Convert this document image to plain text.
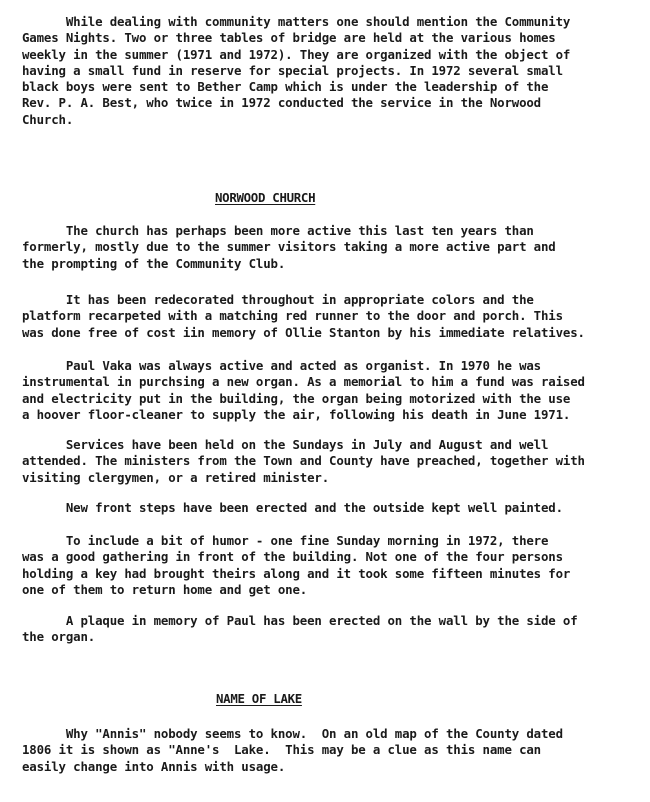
While dealing with community matters one should mention the Community
Games Nights. Two or three tables of bridge are held at the various homes
weekly in the summer (1971 and 1972). They are organized with the object of
having a small fund in reserve for special projects. In 1972 several small
black boys were sent to Bether Camp which is under the leadership of the
Rev. P. A. Best, who twice in 1972 conducted the service in the Norwood
Church.

NORWOOD CHURCH

The church has perhaps been more active this last ten years than
formerly, mostly due to the summer visitors taking a more active part and
the prompting of the Community Club.

It has been redecorated throughout in appropriate colors and the
platform recarpeted with a matching red runner to the door and porch. This
was done free of cost iin memory of Ollie Stanton by his immediate relatives.

Paul Vaka was always active and acted as organist. In 1970 he was
instrumental in purchsing a new organ. As a memorial to him a fund was raised
and electricity put in the building, the organ being motorized with the use
a hoover floor-cleaner to supply the air, following his death in June 1971.

Services have been held on the Sundays in July and August and well
attended. The ministers from the Town and County have preached, together with
visiting clergymen, or a retired minister.

New front steps have been erected and the outside kept well painted.

To include a bit of humor - one fine Sunday morning in 1972, there
was a good gathering in front of the building. Not one of the four persons
holding a key had brought theirs along and it took some fifteen minutes for
one of them to return home and get one.

A plaque in memory of Paul has been erected on the wall by the side of
the organ.

NAME OF LAKE

Why "Annis" nobody seems to know.  On an old map of the County dated
1806 it is shown as "Anne's  Lake.  This may be a clue as this name can
easily change into Annis with usage.
